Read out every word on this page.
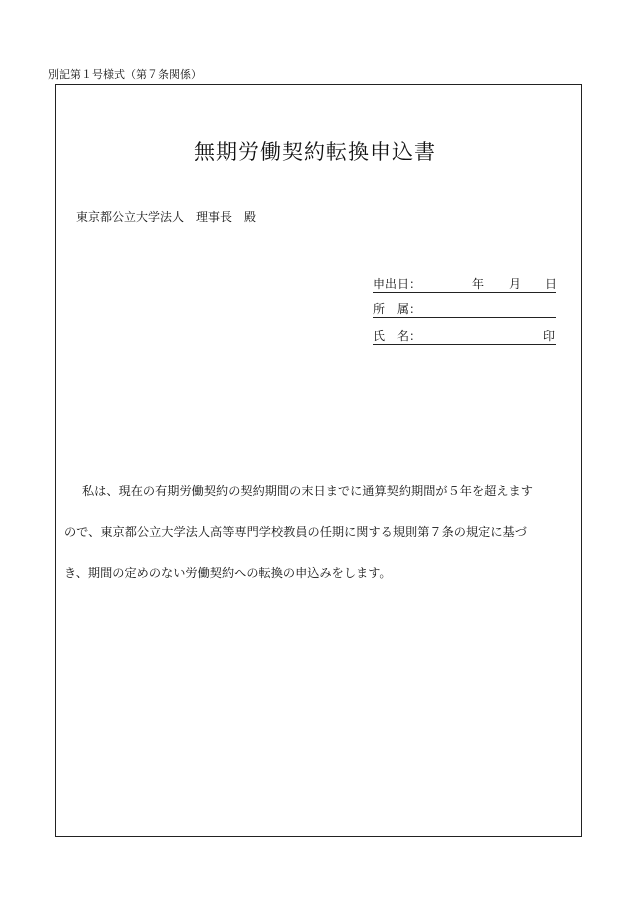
別記第１号様式（第７条関係）
無期労働契約転換申込書
東京都公立大学法人　理事長　殿
申出日：	年 月 日
所　属：
氏　名：	印
私は、現在の有期労働契約の契約期間の末日までに通算契約期間が５年を超えます
ので、東京都公立大学法人高等専門学校教員の任期に関する規則第７条の規定に基づ
き、期間の定めのない労働契約への転換の申込みをします。
